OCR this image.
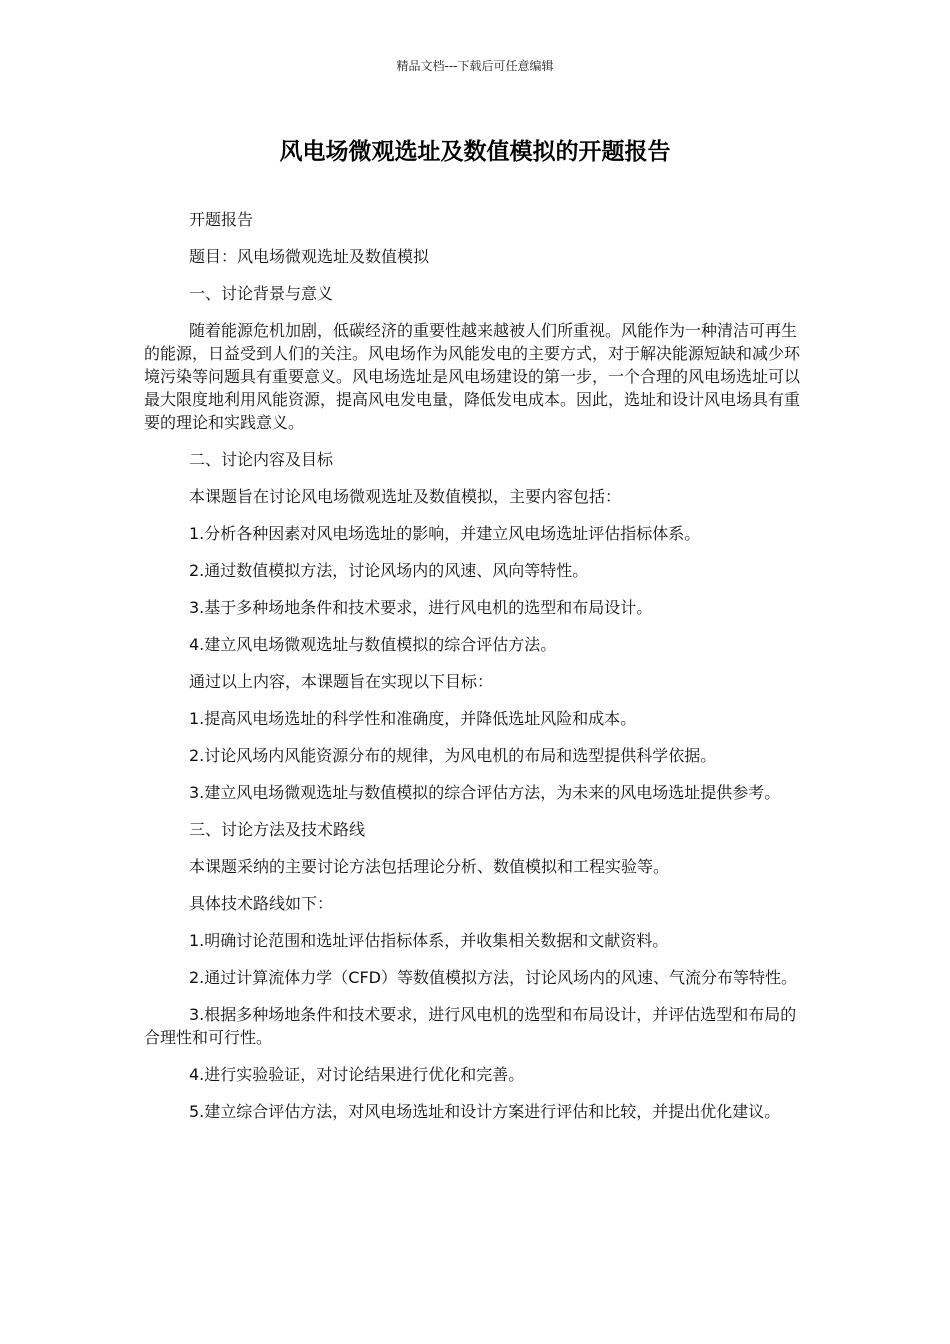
精品文档---下载后可任意编辑
风电场微观选址及数值模拟的开题报告

开题报告

题目：风电场微观选址及数值模拟

一、讨论背景与意义

随着能源危机加剧，低碳经济的重要性越来越被人们所重视。风能作为一种清洁可再生的能源，日益受到人们的关注。风电场作为风能发电的主要方式，对于解决能源短缺和减少环境污染等问题具有重要意义。风电场选址是风电场建设的第一步，一个合理的风电场选址可以最大限度地利用风能资源，提高风电发电量，降低发电成本。因此，选址和设计风电场具有重要的理论和实践意义。

二、讨论内容及目标

本课题旨在讨论风电场微观选址及数值模拟，主要内容包括：

1.分析各种因素对风电场选址的影响，并建立风电场选址评估指标体系。

2.通过数值模拟方法，讨论风场内的风速、风向等特性。

3.基于多种场地条件和技术要求，进行风电机的选型和布局设计。

4.建立风电场微观选址与数值模拟的综合评估方法。

通过以上内容，本课题旨在实现以下目标：

1.提高风电场选址的科学性和准确度，并降低选址风险和成本。

2.讨论风场内风能资源分布的规律，为风电机的布局和选型提供科学依据。

3.建立风电场微观选址与数值模拟的综合评估方法，为未来的风电场选址提供参考。

三、讨论方法及技术路线

本课题采纳的主要讨论方法包括理论分析、数值模拟和工程实验等。

具体技术路线如下：

1.明确讨论范围和选址评估指标体系，并收集相关数据和文献资料。

2.通过计算流体力学（CFD）等数值模拟方法，讨论风场内的风速、气流分布等特性。

3.根据多种场地条件和技术要求，进行风电机的选型和布局设计，并评估选型和布局的合理性和可行性。

4.进行实验验证，对讨论结果进行优化和完善。

5.建立综合评估方法，对风电场选址和设计方案进行评估和比较，并提出优化建议。
